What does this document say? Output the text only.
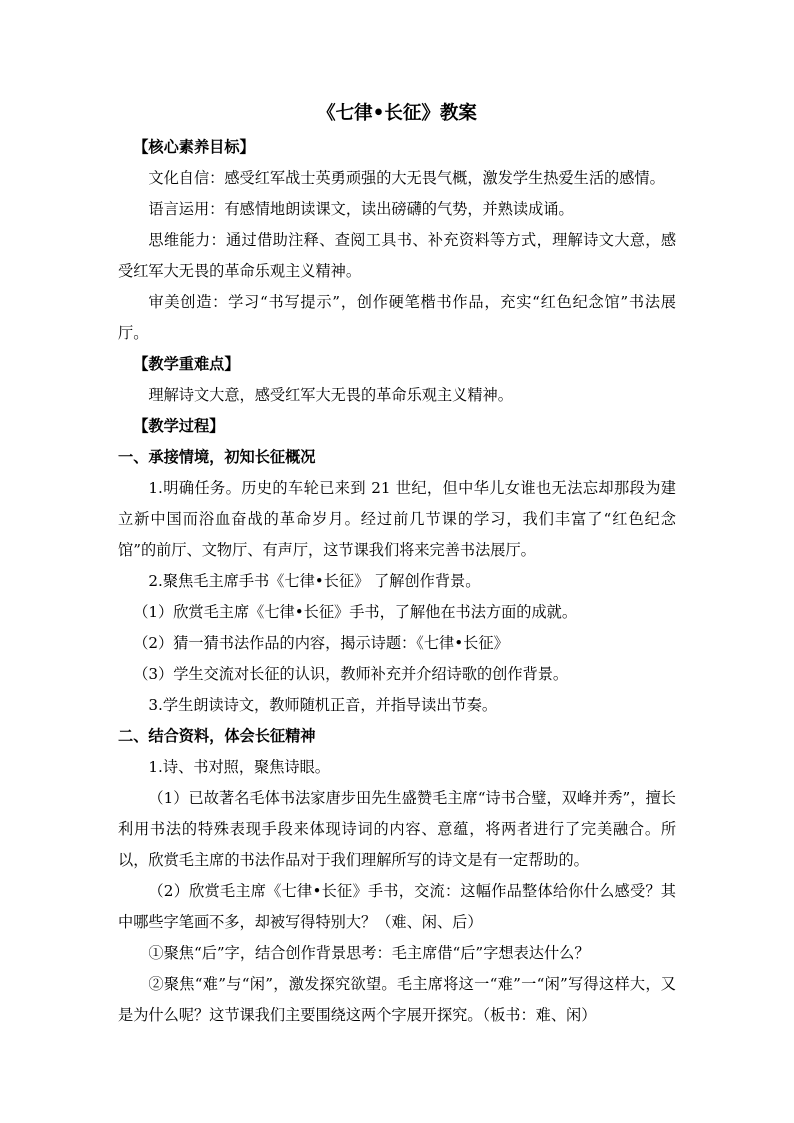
《七律•长征》教案
【核心素养目标】
文化自信：感受红军战士英勇顽强的大无畏气概，激发学生热爱生活的感情。
语言运用：有感情地朗读课文，读出磅礴的气势，并熟读成诵。
思维能力：通过借助注释、查阅工具书、补充资料等方式，理解诗文大意，感受红军大无畏的革命乐观主义精神。
审美创造：学习“书写提示”，创作硬笔楷书作品，充实“红色纪念馆”书法展厅。
【教学重难点】
理解诗文大意，感受红军大无畏的革命乐观主义精神。
【教学过程】
一、承接情境，初知长征概况
1.明确任务。历史的车轮已来到 21 世纪，但中华儿女谁也无法忘却那段为建立新中国而浴血奋战的革命岁月。经过前几节课的学习，我们丰富了“红色纪念馆”的前厅、文物厅、有声厅，这节课我们将来完善书法展厅。
2.聚焦毛主席手书《七律•长征》 了解创作背景。
（1）欣赏毛主席《七律•长征》手书，了解他在书法方面的成就。
（2）猜一猜书法作品的内容，揭示诗题：《七律•长征》
（3）学生交流对长征的认识，教师补充并介绍诗歌的创作背景。
3.学生朗读诗文，教师随机正音，并指导读出节奏。
二、结合资料，体会长征精神
1.诗、书对照，聚焦诗眼。
（1）已故著名毛体书法家唐步田先生盛赞毛主席“诗书合璧，双峰并秀”，擅长利用书法的特殊表现手段来体现诗词的内容、意蕴，将两者进行了完美融合。所以，欣赏毛主席的书法作品对于我们理解所写的诗文是有一定帮助的。
（2）欣赏毛主席《七律•长征》手书，交流：这幅作品整体给你什么感受？其中哪些字笔画不多，却被写得特别大？（难、闲、后）
①聚焦“后”字，结合创作背景思考：毛主席借“后”字想表达什么？
②聚焦“难”与“闲”，激发探究欲望。毛主席将这一“难”一“闲”写得这样大，又是为什么呢？这节课我们主要围绕这两个字展开探究。（板书：难、闲）
